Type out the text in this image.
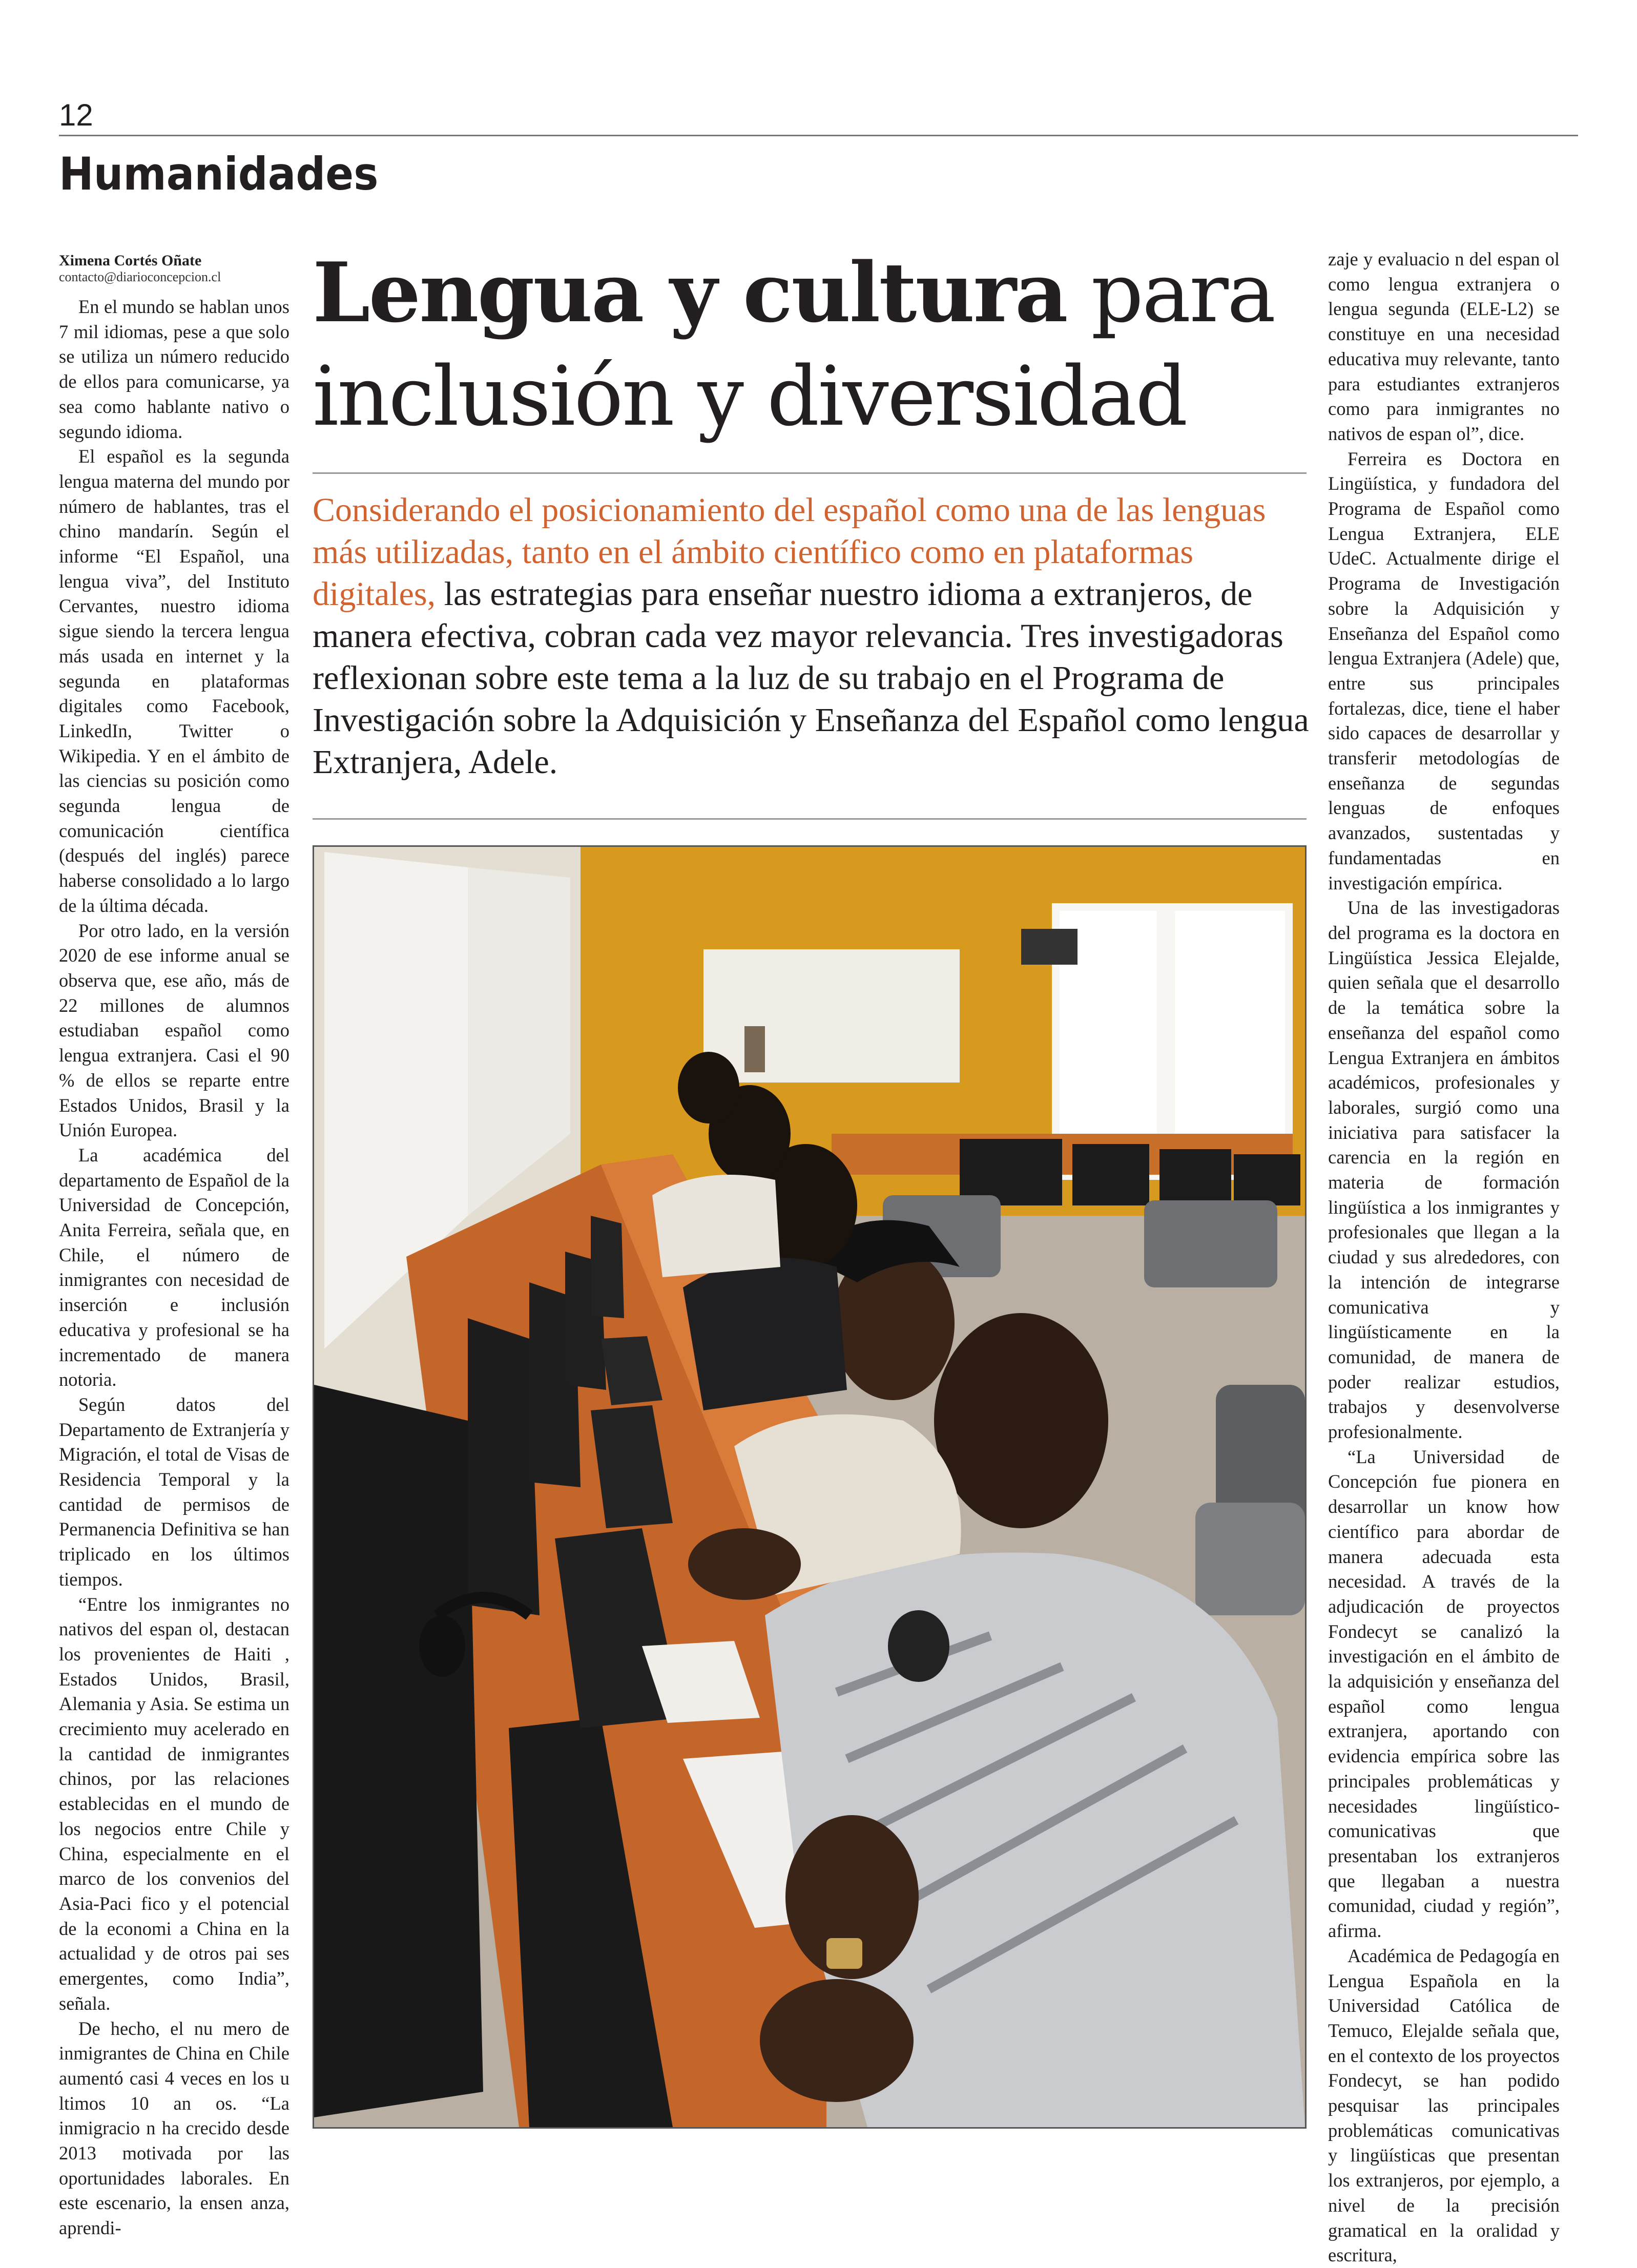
12
Humanidades
Ximena Cortés Oñate
contacto@diarioconcepcion.cl

En el mundo se hablan unos 7 mil idiomas, pese a que solo se utiliza un número reducido de ellos para comunicarse, ya sea como hablante nativo o segundo idioma.

El español es la segunda lengua materna del mundo por número de hablantes, tras el chino mandarín. Según el informe “El Español, una lengua viva”, del Instituto Cervantes, nuestro idioma sigue siendo la tercera lengua más usada en internet y la segunda en plataformas digitales como Facebook, LinkedIn, Twitter o Wikipedia. Y en el ámbito de las ciencias su posición como segunda lengua de comunicación científica (después del inglés) parece haberse consolidado a lo largo de la última década.

Por otro lado, en la versión 2020 de ese informe anual se observa que, ese año, más de 22 millones de alumnos estudiaban español como lengua extranjera. Casi el 90 % de ellos se reparte entre Estados Unidos, Brasil y la Unión Europea.

La académica del departamento de Español de la Universidad de Concepción, Anita Ferreira, señala que, en Chile, el número de inmigrantes con necesidad de inserción e inclusión educativa y profesional se ha incrementado de manera notoria.

Según datos del Departamento de Extranjería y Migración, el total de Visas de Residencia Temporal y la cantidad de permisos de Permanencia Definitiva se han triplicado en los últimos tiempos.

“Entre los inmigrantes no nativos del espan ol, destacan los provenientes de Haiti , Estados Unidos, Brasil, Alemania y Asia. Se estima un crecimiento muy acelerado en la cantidad de inmigrantes chinos, por las relaciones establecidas en el mundo de los negocios entre Chile y China, especialmente en el marco de los convenios del Asia-Paci fico y el potencial de la economi a China en la actualidad y de otros pai ses emergentes, como India”, señala.

De hecho, el nu mero de inmigrantes de China en Chile aumentó casi 4 veces en los u ltimos 10 an os. “La inmigracio n ha crecido desde 2013 motivada por las oportunidades laborales. En este escenario, la ensen anza, aprendi-

Lengua y cultura para
inclusión y diversidad
Considerando el posicionamiento del español como una de las lenguas más utilizadas, tanto en el ámbito científico como en plataformas digitales, las estrategias para enseñar nuestro idioma a extranjeros, de manera efectiva, cobran cada vez mayor relevancia. Tres investigadoras reflexionan sobre este tema a la luz de su trabajo en el Programa de Investigación sobre la Adquisición y Enseñanza del Español como lengua Extranjera, Adele.

zaje y evaluacio n del espan ol como lengua extranjera o lengua segunda (ELE-L2) se constituye en una necesidad educativa muy relevante, tanto para estudiantes extranjeros como para inmigrantes no nativos de espan ol”, dice.

Ferreira es Doctora en Lingüística, y fundadora del Programa de Español como Lengua Extranjera, ELE UdeC. Actualmente dirige el Programa de Investigación sobre la Adquisición y Enseñanza del Español como lengua Extranjera (Adele) que, entre sus principales fortalezas, dice, tiene el haber sido capaces de desarrollar y transferir metodologías de enseñanza de segundas lenguas de enfoques avanzados, sustentadas y fundamentadas en investigación empírica.

Una de las investigadoras del programa es la doctora en Lingüística Jessica Elejalde, quien señala que el desarrollo de la temática sobre la enseñanza del español como Lengua Extranjera en ámbitos académicos, profesionales y laborales, surgió como una iniciativa para satisfacer la carencia en la región en materia de formación lingüística a los inmigrantes y profesionales que llegan a la ciudad y sus alrededores, con la intención de integrarse comunicativa y lingüísticamente en la comunidad, de manera de poder realizar estudios, trabajos y desenvolverse profesionalmente.

“La Universidad de Concepción fue pionera en desarrollar un know how científico para abordar de manera adecuada esta necesidad. A través de la adjudicación de proyectos Fondecyt se canalizó la investigación en el ámbito de la adquisición y enseñanza del español como lengua extranjera, aportando con evidencia empírica sobre las principales problemáticas y necesidades lingüístico-comunicativas que presentaban los extranjeros que llegaban a nuestra comunidad, ciudad y región”, afirma.

Académica de Pedagogía en Lengua Española en la Universidad Católica de Temuco, Elejalde señala que, en el contexto de los proyectos Fondecyt, se han podido pesquisar las principales problemáticas comunicativas y lingüísticas que presentan los extranjeros, por ejemplo, a nivel de la precisión gramatical en la oralidad y escritura,
